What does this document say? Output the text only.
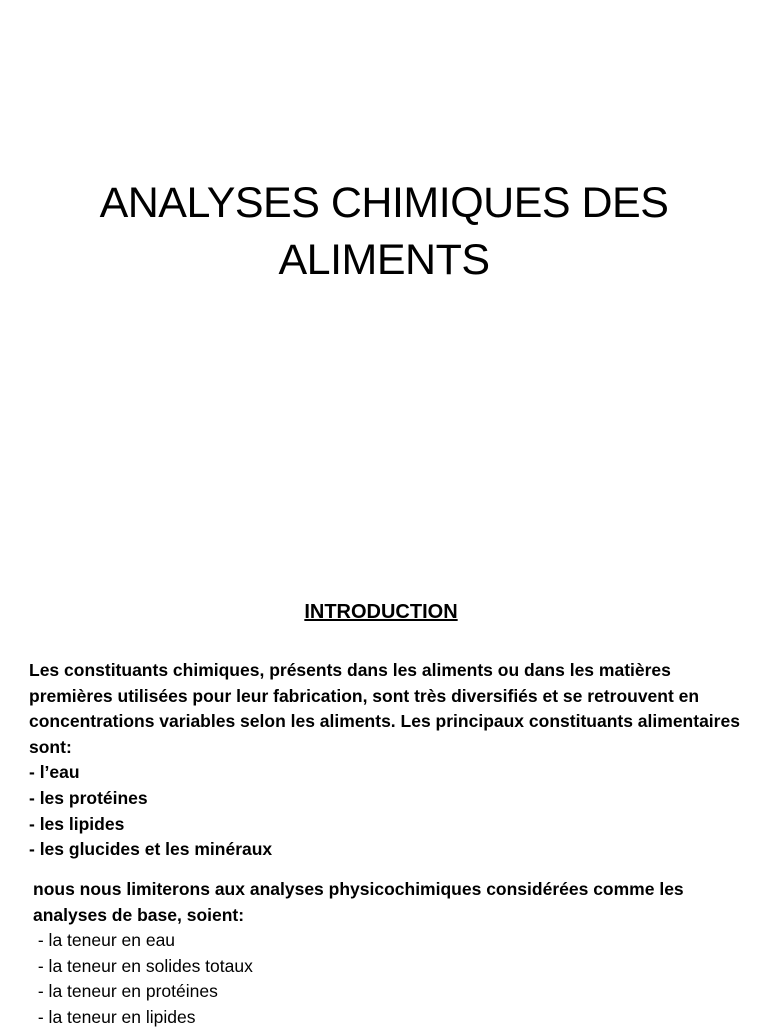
ANALYSES CHIMIQUES DES
ALIMENTS
INTRODUCTION

Les constituants chimiques, présents dans les aliments ou dans les matières premières utilisées pour leur fabrication, sont très diversifiés et se retrouvent en concentrations variables selon les aliments. Les principaux constituants alimentaires sont:

- l’eau
- les protéines
- les lipides
- les glucides et les minéraux

nous nous limiterons aux analyses physicochimiques considérées comme les analyses de base, soient:

- la teneur en eau
- la teneur en solides totaux
- la teneur en protéines
- la teneur en lipides
